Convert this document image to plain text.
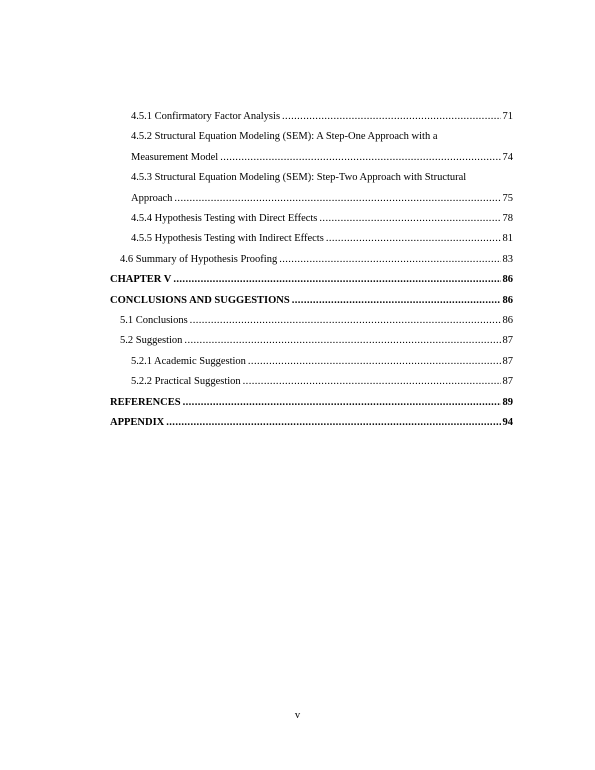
4.5.1 Confirmatory Factor Analysis .....	71
4.5.2 Structural Equation Modeling (SEM): A Step-One Approach with a
Measurement Model .....	74
4.5.3 Structural Equation Modeling (SEM): Step-Two Approach with Structural
Approach .....	75
4.5.4 Hypothesis Testing with Direct Effects .....	78
4.5.5 Hypothesis Testing with Indirect Effects .....	81
4.6 Summary of Hypothesis Proofing .....	83
CHAPTER V .....	86
CONCLUSIONS AND SUGGESTIONS .....	86
5.1 Conclusions .....	86
5.2 Suggestion .....	87
5.2.1 Academic Suggestion .....	87
5.2.2 Practical Suggestion .....	87
REFERENCES .....	89
APPENDIX .....	94
v
